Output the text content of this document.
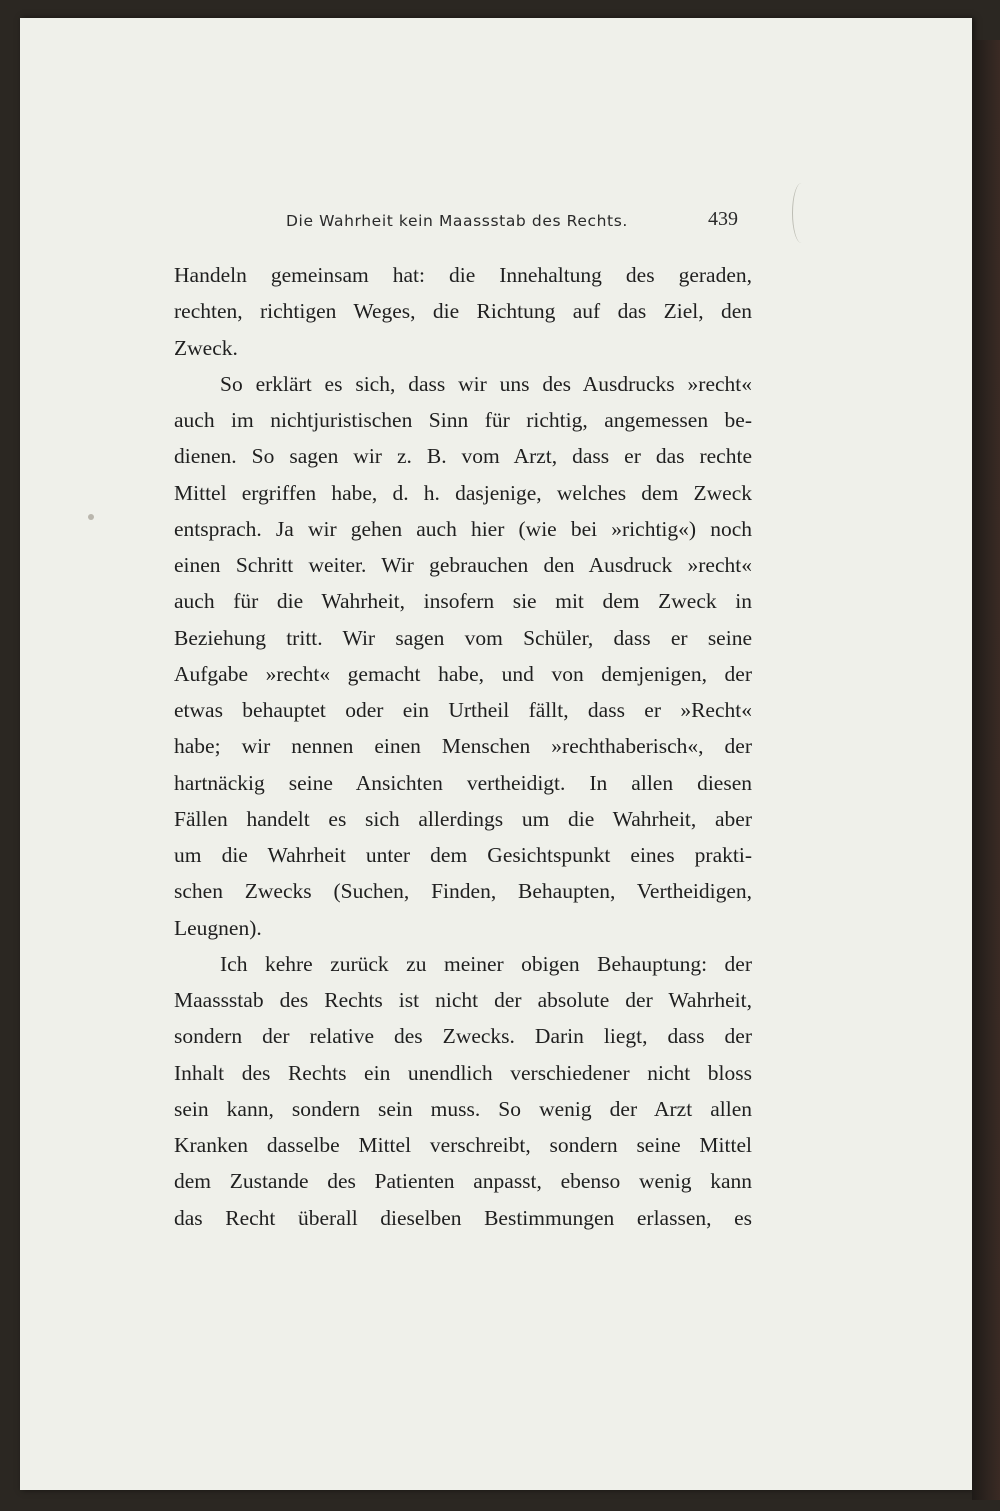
Die Wahrheit kein Maassstab des Rechts.	439
Handeln gemeinsam hat: die Innehaltung des geraden,
rechten, richtigen Weges, die Richtung auf das Ziel, den
Zweck.
So erklärt es sich, dass wir uns des Ausdrucks »recht«
auch im nichtjuristischen Sinn für richtig, angemessen be-
dienen. So sagen wir z. B. vom Arzt, dass er das rechte
Mittel ergriffen habe, d. h. dasjenige, welches dem Zweck
entsprach. Ja wir gehen auch hier (wie bei »richtig«) noch
einen Schritt weiter. Wir gebrauchen den Ausdruck »recht«
auch für die Wahrheit, insofern sie mit dem Zweck in
Beziehung tritt. Wir sagen vom Schüler, dass er seine
Aufgabe »recht« gemacht habe, und von demjenigen, der
etwas behauptet oder ein Urtheil fällt, dass er »Recht«
habe; wir nennen einen Menschen »rechthaberisch«, der
hartnäckig seine Ansichten vertheidigt. In allen diesen
Fällen handelt es sich allerdings um die Wahrheit, aber
um die Wahrheit unter dem Gesichtspunkt eines prakti-
schen Zwecks (Suchen, Finden, Behaupten, Vertheidigen,
Leugnen).
Ich kehre zurück zu meiner obigen Behauptung: der
Maassstab des Rechts ist nicht der absolute der Wahrheit,
sondern der relative des Zwecks. Darin liegt, dass der
Inhalt des Rechts ein unendlich verschiedener nicht bloss
sein kann, sondern sein muss. So wenig der Arzt allen
Kranken dasselbe Mittel verschreibt, sondern seine Mittel
dem Zustande des Patienten anpasst, ebenso wenig kann
das Recht überall dieselben Bestimmungen erlassen, es
